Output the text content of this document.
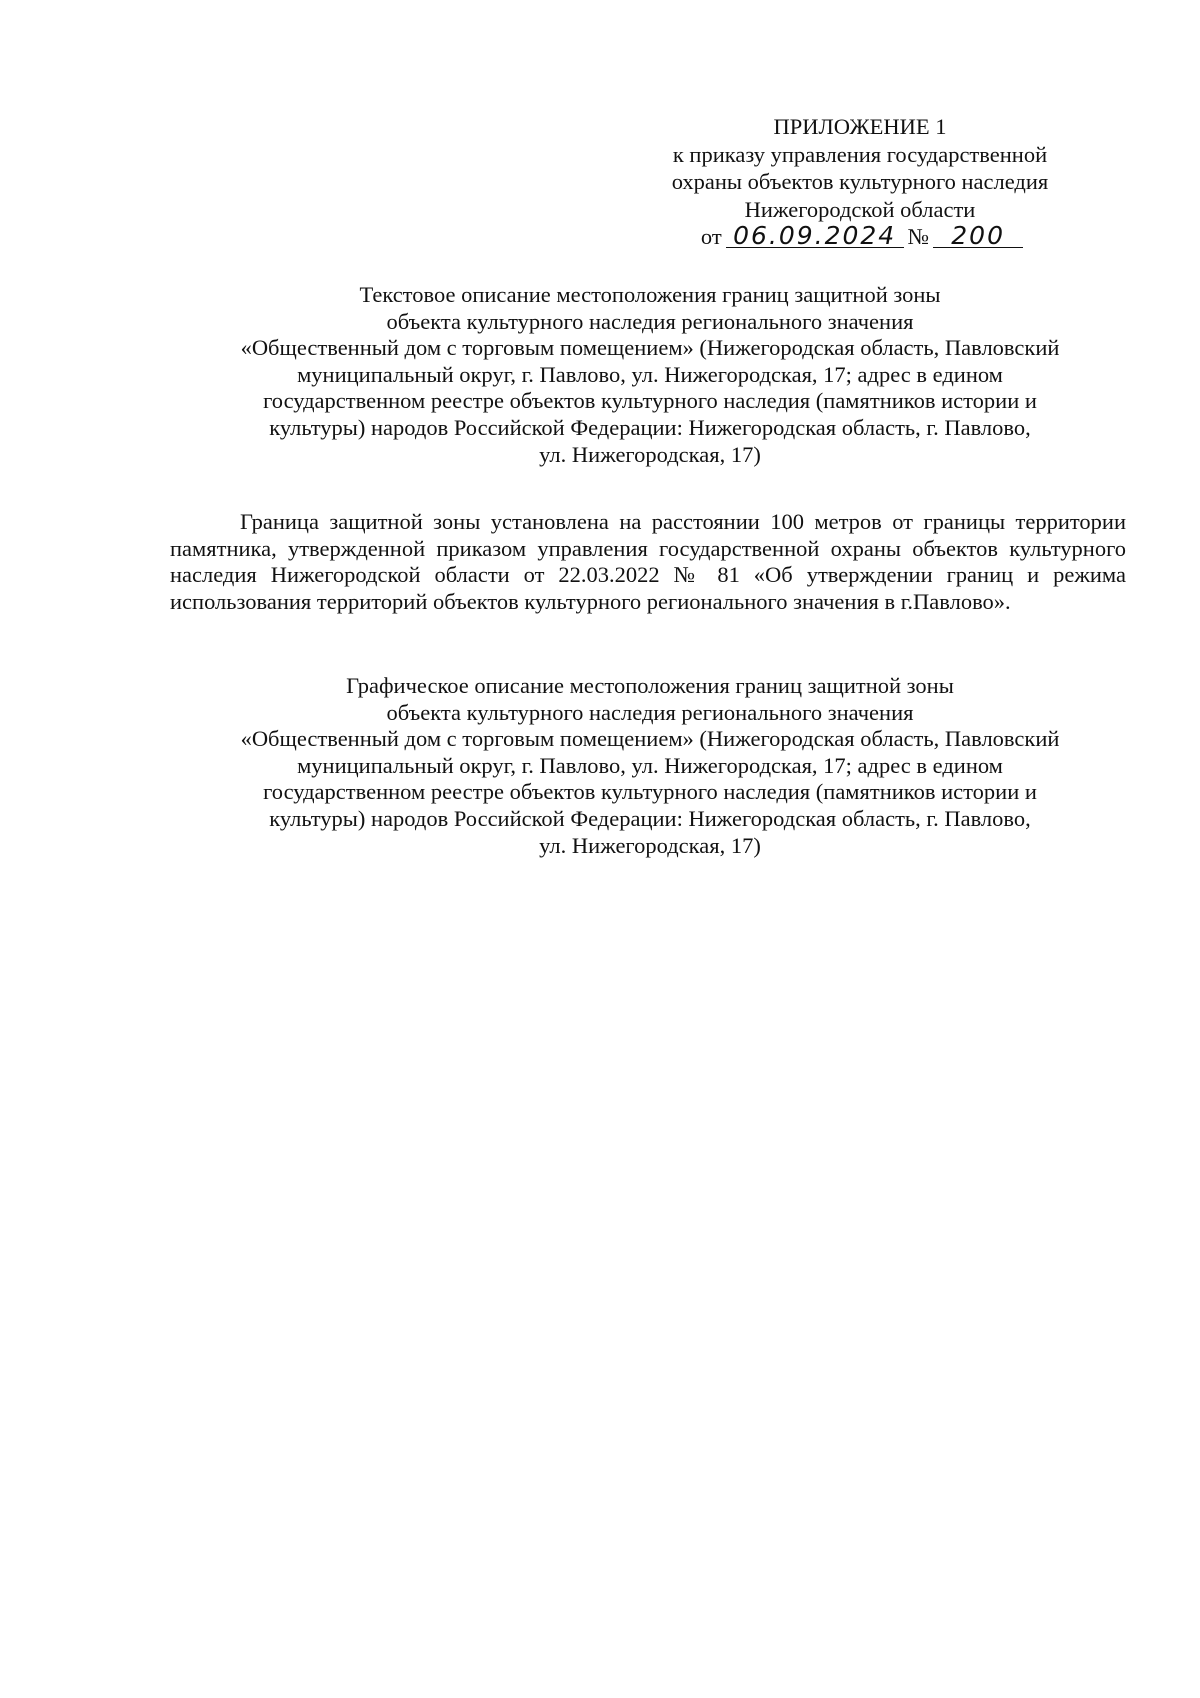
ПРИЛОЖЕНИЕ 1
к приказу управления государственной
охраны объектов культурного наследия
Нижегородской области
от 06.09.2024 № 200
Текстовое описание местоположения границ защитной зоны
объекта культурного наследия регионального значения
«Общественный дом с торговым помещением» (Нижегородская область, Павловский
муниципальный округ, г. Павлово, ул. Нижегородская, 17; адрес в едином
государственном реестре объектов культурного наследия (памятников истории и
культуры) народов Российской Федерации: Нижегородская область, г. Павлово,
ул. Нижегородская, 17)
Граница защитной зоны установлена на расстоянии 100 метров от границы территории памятника, утвержденной приказом управления государственной охраны объектов культурного наследия Нижегородской области от 22.03.2022 № 81 «Об утверждении границ и режима использования территорий объектов культурного регионального значения в г.Павлово».
Графическое описание местоположения границ защитной зоны
объекта культурного наследия регионального значения
«Общественный дом с торговым помещением» (Нижегородская область, Павловский
муниципальный округ, г. Павлово, ул. Нижегородская, 17; адрес в едином
государственном реестре объектов культурного наследия (памятников истории и
культуры) народов Российской Федерации: Нижегородская область, г. Павлово,
ул. Нижегородская, 17)
